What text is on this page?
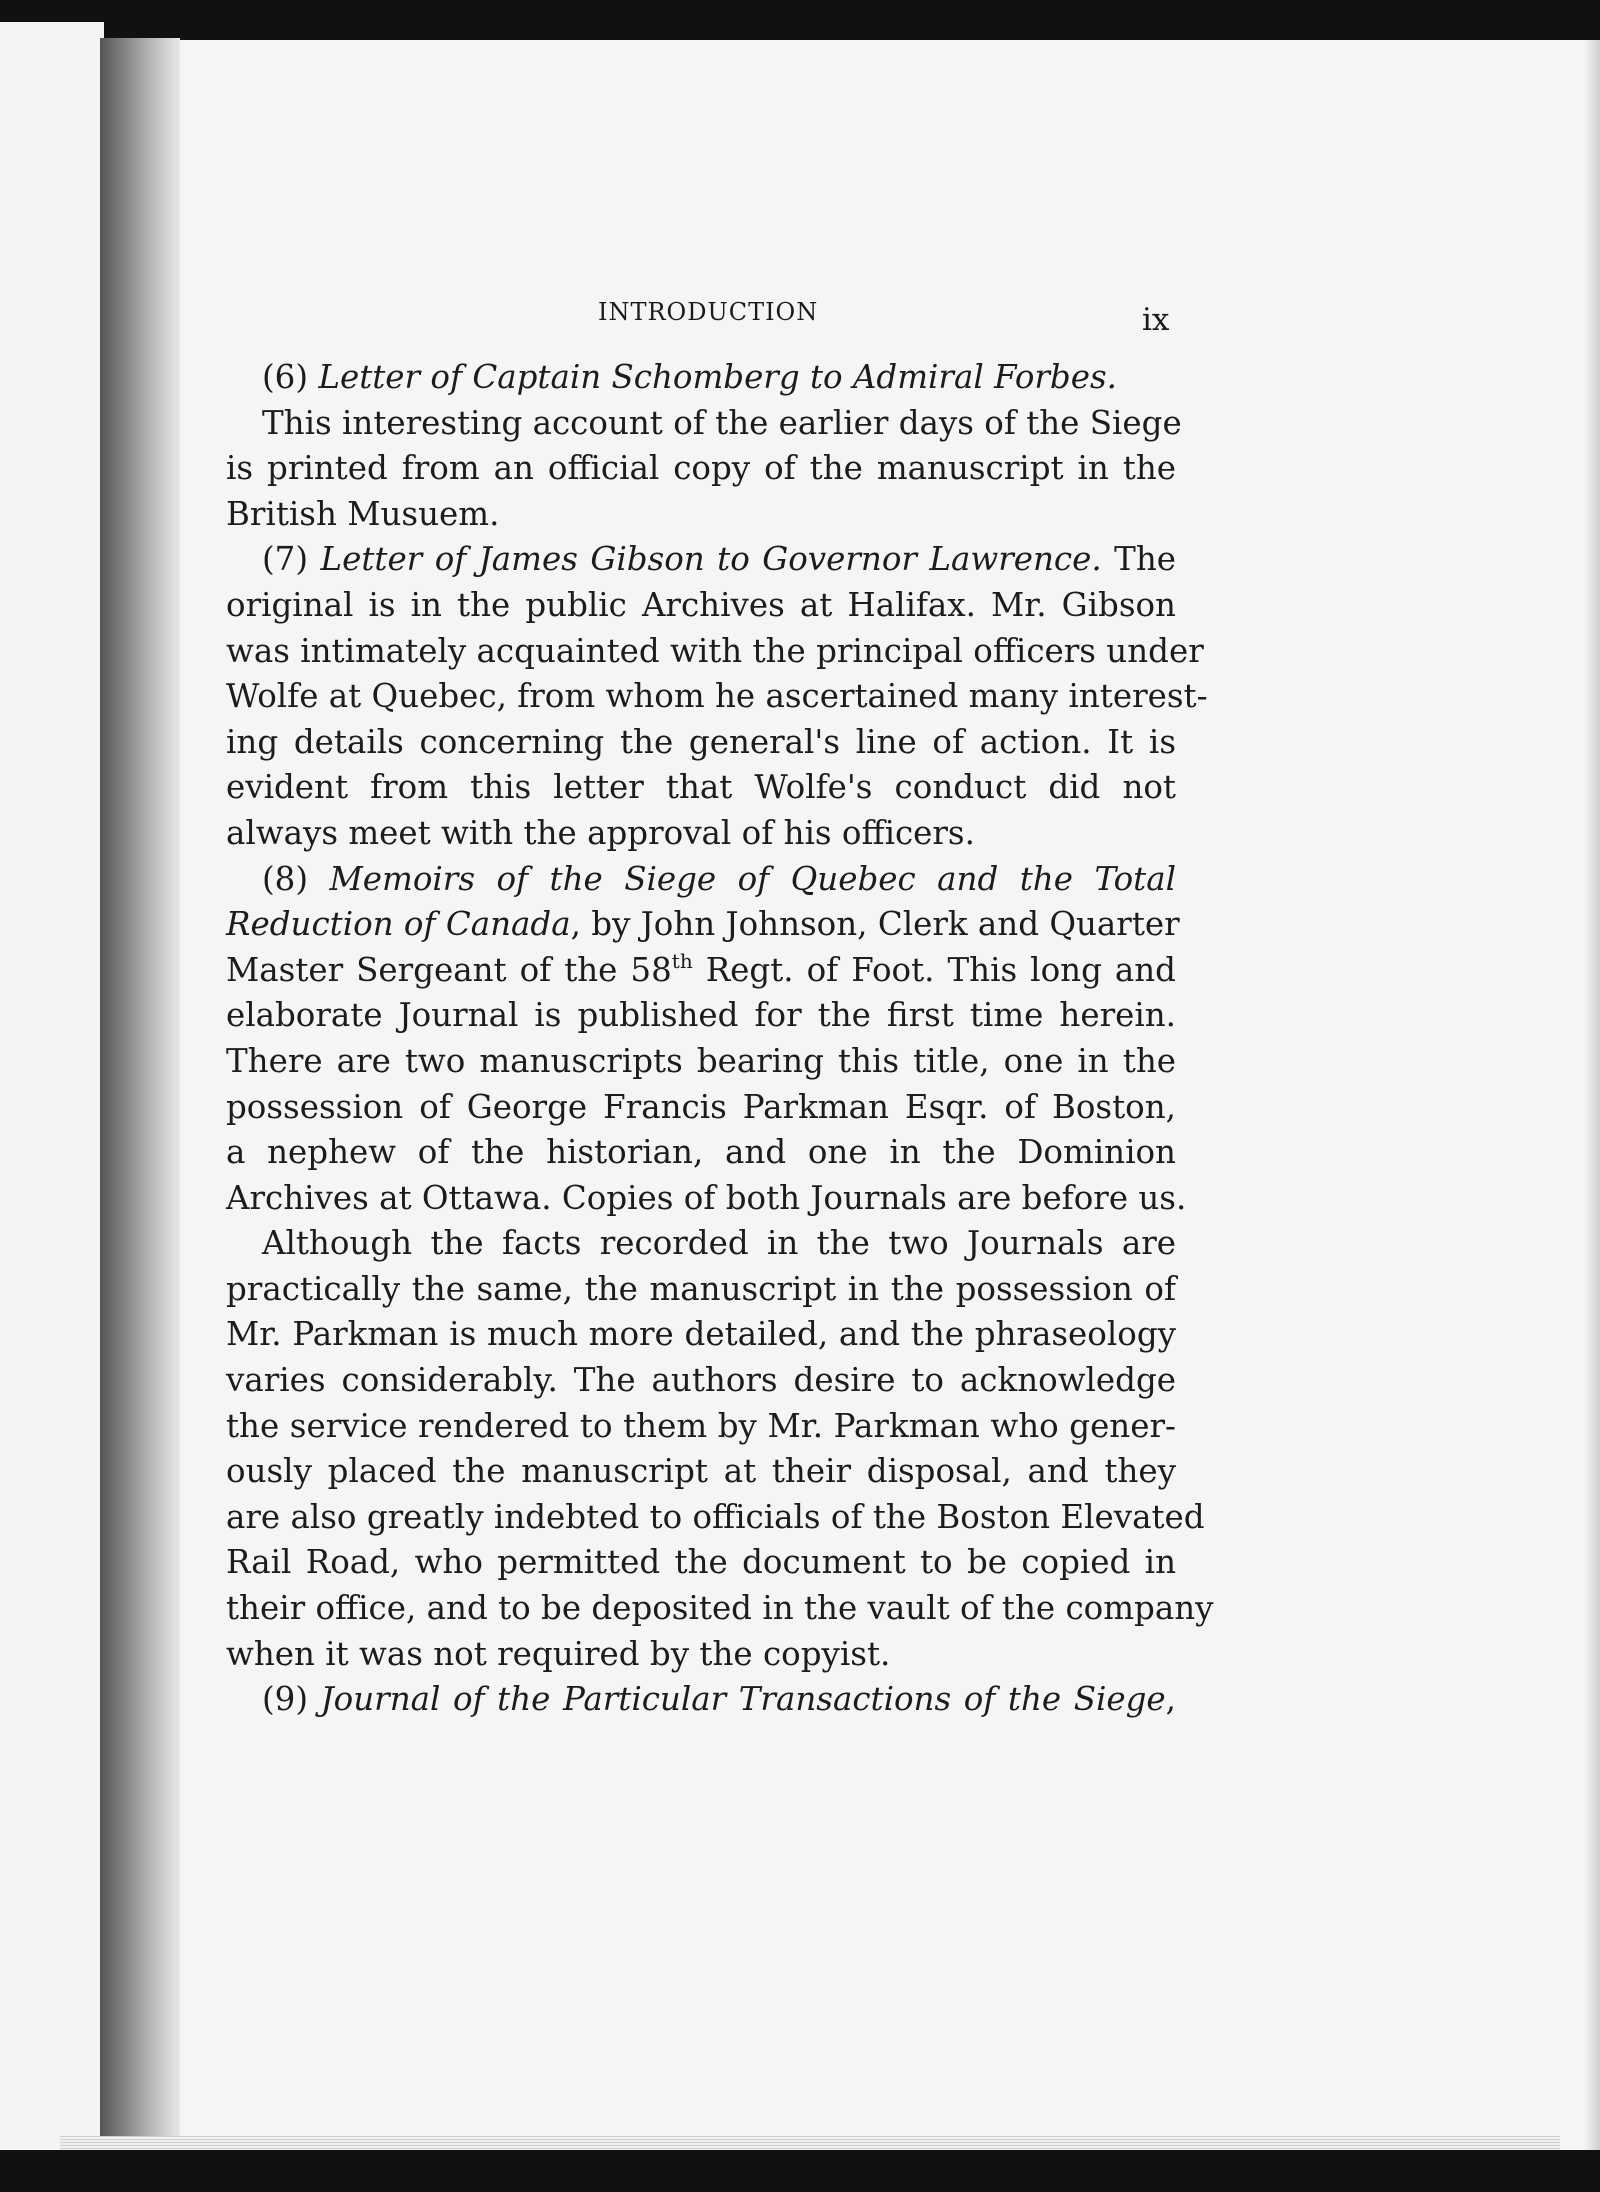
INTRODUCTION	ix
(6) Letter of Captain Schomberg to Admiral Forbes.
This interesting account of the earlier days of the Siege
is printed from an official copy of the manuscript in the
British Musuem.
(7) Letter of James Gibson to Governor Lawrence. The
original is in the public Archives at Halifax. Mr. Gibson
was intimately acquainted with the principal officers under
Wolfe at Quebec, from whom he ascertained many interest-
ing details concerning the general's line of action. It is
evident from this letter that Wolfe's conduct did not
always meet with the approval of his officers.
(8) Memoirs of the Siege of Quebec and the Total
Reduction of Canada, by John Johnson, Clerk and Quarter
Master Sergeant of the 58th Regt. of Foot. This long and
elaborate Journal is published for the first time herein.
There are two manuscripts bearing this title, one in the
possession of George Francis Parkman Esqr. of Boston,
a nephew of the historian, and one in the Dominion
Archives at Ottawa. Copies of both Journals are before us.
Although the facts recorded in the two Journals are
practically the same, the manuscript in the possession of
Mr. Parkman is much more detailed, and the phraseology
varies considerably. The authors desire to acknowledge
the service rendered to them by Mr. Parkman who gener-
ously placed the manuscript at their disposal, and they
are also greatly indebted to officials of the Boston Elevated
Rail Road, who permitted the document to be copied in
their office, and to be deposited in the vault of the company
when it was not required by the copyist.
(9) Journal of the Particular Transactions of the Siege,
